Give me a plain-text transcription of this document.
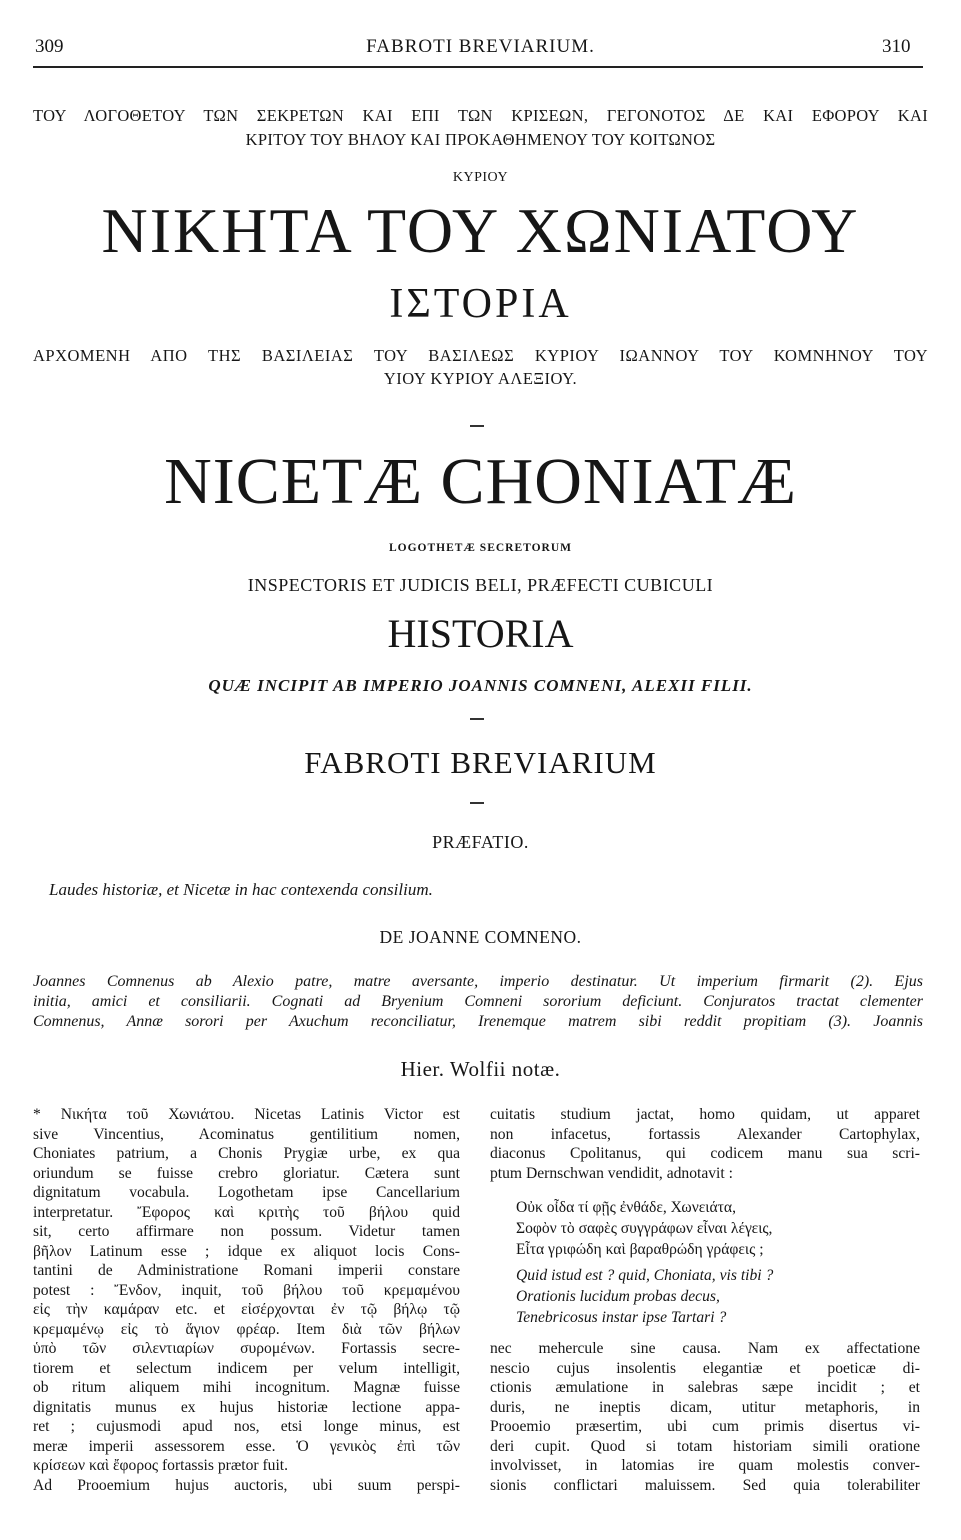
309	FABROTI BREVIARIUM.	310
ΤΟΥ ΛΟΓΟΘΕΤΟΥ ΤΩΝ ΣΕΚΡΕΤΩΝ ΚΑΙ ΕΠΙ ΤΩΝ ΚΡΙΣΕΩΝ, ΓΕΓΟΝΟΤΟΣ ΔΕ ΚΑΙ ΕΦΟΡΟΥ ΚΑΙ
ΚΡΙΤΟΥ ΤΟΥ ΒΗΛΟΥ ΚΑΙ ΠΡΟΚΑΘΗΜΕΝΟΥ ΤΟΥ ΚΟΙΤΩΝΟΣ
ΚΥΡΙΟΥ
ΝΙΚΗΤΑ ΤΟΥ ΧΩΝΙΑΤΟΥ
ΙΣΤΟΡΙΑ
ΑΡΧΟΜΕΝΗ ΑΠΟ ΤΗΣ ΒΑΣΙΛΕΙΑΣ ΤΟΥ ΒΑΣΙΛΕΩΣ ΚΥΡΙΟΥ ΙΩΑΝΝΟΥ ΤΟΥ ΚΟΜΝΗΝΟΥ ΤΟΥ
ΥΙΟΥ ΚΥΡΙΟΥ ΑΛΕΞΙΟΥ.
NICETÆ CHONIATÆ
LOGOTHETÆ SECRETORUM
INSPECTORIS ET JUDICIS BELI, PRÆFECTI CUBICULI
HISTORIA
QUÆ INCIPIT AB IMPERIO JOANNIS COMNENI, ALEXII FILII.
FABROTI BREVIARIUM
PRÆFATIO.
Laudes historiæ, et Nicetæ in hac contexenda consilium.
DE JOANNE COMNENO.
Joannes Comnenus ab Alexio patre, matre aversante, imperio destinatur. Ut imperium firmarit (2). Ejus
initia, amici et consiliarii. Cognati ad Bryenium Comneni sororium deficiunt. Conjuratos tractat clementer
Comnenus, Annæ sorori per Axuchum reconciliatur, Irenemque matrem sibi reddit propitiam (3). Joannis
Hier. Wolfii notæ.
* Νικήτα τοῦ Χωνιάτου. Nicetas Latinis Victor est
sive Vincentius, Acominatus gentilitium nomen,
Choniates patrium, a Chonis Prygiæ urbe, ex qua
oriundum se fuisse crebro gloriatur. Cætera sunt
dignitatum vocabula. Logothetam ipse Cancellarium
interpretatur. Ἔφορος καὶ κριτὴς τοῦ βήλου quid
sit, certo affirmare non possum. Videtur tamen
βῆλον Latinum esse ; idque ex aliquot locis Cons-
tantini de Administratione Romani imperii constare
potest : Ἔνδον, inquit, τοῦ βήλου τοῦ κρεμαμένου
εἰς τὴν καμάραν etc. et εἰσέρχονται ἐν τῷ βήλῳ τῷ
κρεμαμένῳ εἰς τὸ ἅγιον φρέαρ. Item διὰ τῶν βήλων
ὑπὸ τῶν σιλεντιαρίων συρομένων. Fortassis secre-
tiorem et selectum indicem per velum intelligit,
ob ritum aliquem mihi incognitum. Magnæ fuisse
dignitatis munus ex hujus historiæ lectione appa-
ret ; cujusmodi apud nos, etsi longe minus, est
meræ imperii assessorem esse. Ὁ γενικὸς ἐπὶ τῶν
κρίσεων καὶ ἔφορος fortassis prætor fuit.
Ad Prooemium hujus auctoris, ubi suum perspi-
cuitatis studium jactat, homo quidam, ut apparet
non infacetus, fortassis Alexander Cartophylax,
diaconus Cpolitanus, qui codicem manu sua scri-
ptum Dernschwan vendidit, adnotavit :
Οὐκ οἶδα τί φῇς ἐνθάδε, Χωνειάτα,
Σοφὸν τὸ σαφὲς συγγράφων εἶναι λέγεις,
Εἶτα γριφώδη καὶ βαραθρώδη γράφεις ;
Quid istud est ? quid, Choniata, vis tibi ?
Orationis lucidum probas decus,
Tenebricosus instar ipse Tartari ?
nec mehercule sine causa. Nam ex affectatione
nescio cujus insolentis elegantiæ et poeticæ di-
ctionis æmulatione in salebras sæpe incidit ; et
duris, ne ineptis dicam, utitur metaphoris, in
Prooemio præsertim, ubi cum primis disertus vi-
deri cupit. Quod si totam historiam simili oratione
involvisset, in latomias ire quam molestis conver-
sionis conflictari maluissem. Sed quia tolerabiliter
